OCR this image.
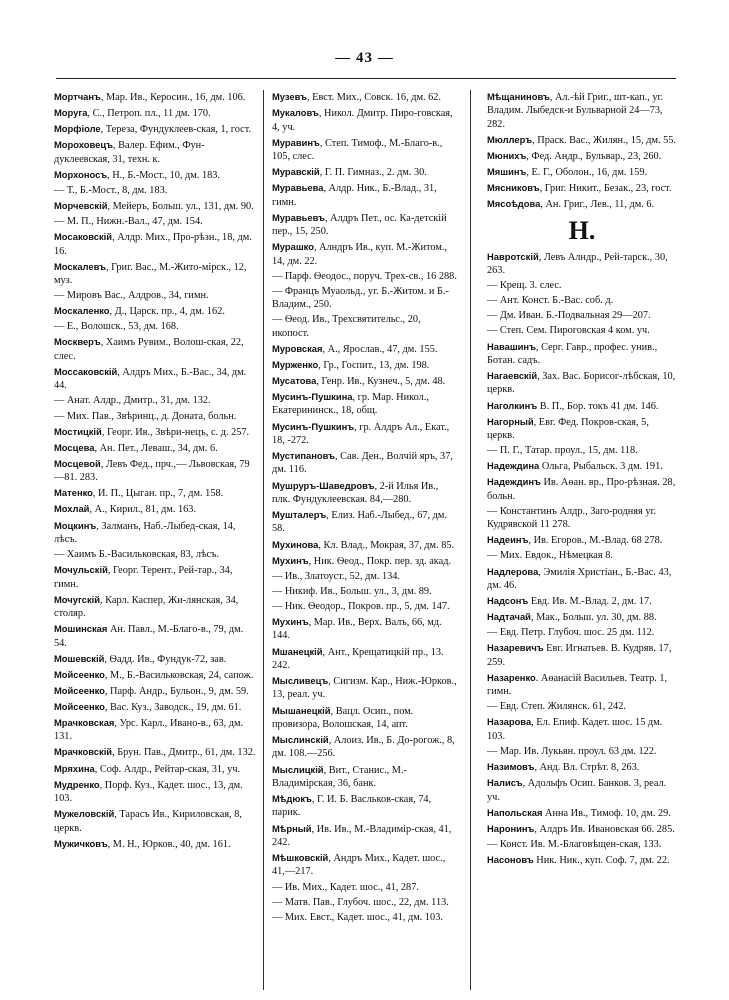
— 43 —
Мортчанъ, Мар. Ив., Керосин., 16, дм. 106.
Моруга, С., Петроп. пл., 11 дм. 170.
Морфіоле, Тереза, Фундуклеев-ская, 1, гост.
Мороховецъ, Валер. Ефим., Фун-дуклеевская, 31, техн. к.
Морхоносъ, Н., Б.-Мост., 10, дм. 183.
— Т., Б.-Мост., 8, дм. 183.
Морчевскій, Мейеръ, Больш. ул., 131, дм. 90.
— М. П., Нижн.-Вал., 47, дм. 154.
Мосаковскій, Алдр. Мих., Про-рѣзн., 18, дм. 16.
Москалевъ, Григ. Вас., М.-Жито-мірск., 12, муз.
— Мировъ Вас., Алдров., 34, гимн.
Москаленко, Д., Царск. пр., 4, дм. 162.
— Е., Волошск., 53, дм. 168.
Москверъ, Хаимъ Рувим., Волош-ская, 22, слес.
Моссаковскій, Алдръ Мих., Б.-Вас., 34, дм. 44.
— Анат. Алдр., Дмитр., 31, дм. 132.
— Мих. Пав., Звѣринц., д. Доната, больн.
Мостицкій, Георг. Ив., Звѣри-нецъ, с. д. 257.
Мосцева, Ан. Пет., Леваш., 34, дм. 6.
Мосцевой, Левъ Фед., прч.,— Львовская, 79—81. 283.
Матенко, И. П., Цыган. пр., 7, дм. 158.
Мохлай, А., Кирил., 81, дм. 163.
Моцкинъ, Залманъ, Наб.-Лыбед-ская, 14, лѣсъ.
— Хаимъ Б.-Васильковская, 83, лѣсъ.
Мочульскій, Георг. Терент., Рей-тар., 34, гимн.
Мочугскій, Карл. Каспер, Жи-лянская, 34, столяр.
Мошинская Ан. Павл., М.-Благо-в., 79, дм. 54.
Мошевскій, Ѳадд. Ив., Фундук-72, зав.
Мойсеенко, М., Б.-Васильковская, 24, сапож.
Мойсеенко, Парф. Андр., Бульон., 9, дм. 59.
Мойсеенко, Вас. Куз., Заводск., 19, дм. 61.
Мрачковская, Урс. Карл., Ивано-в., 63, дм. 131.
Мрачковскій, Брун. Пав., Дмитр., 61, дм. 132.
Мряхина, Соф. Алдр., Рейтар-ская, 31, уч.
Мудренко, Порф. Куз., Кадет. шос., 13, дм. 103.
Мужеловскій, Тарасъ Ив., Кириловская, 8, церкв.
Мужичковъ, М. Н., Юрков., 40, дм. 161.
Музевъ, Евст. Мих., Совск. 16, дм. 62.
Мукаловъ, Никол. Дмитр. Пиро-говская, 4, уч.
Муравинъ, Степ. Тимоф., М.-Благо-в., 105, слес.
Муравскій, Г. П. Гимназ., 2. дм. 30.
Муравьева, Алдр. Ник., Б.-Влад., 31, гимн.
Муравьевъ, Алдръ Пет., ос. Ка-детскій пер., 15, 250.
Мурашко, Алндръ Ив., куп. М.-Житом., 14, дм. 22.
— Парф. Ѳеодос., поруч. Трех-св., 16 288.
— Францъ Муаольд., уг. Б.-Житом. и Б.-Владим., 250.
— Ѳеод. Ив., Трехсвятительс., 20, икопост.
Муровская, А., Ярослав., 47, дм. 155.
Мурженко, Гр., Госпит., 13, дм. 198.
Мусатова, Генр. Ив., Кузнеч., 5, дм. 48.
Мусинъ-Пушкина, гр. Мар. Никол., Екатерининск., 18, общ.
Мусинъ-Пушкинъ, гр. Алдръ Ал., Екат., 18, -272.
Мустипановъ, Сав. Ден., Волчій яръ, 37, дм. 116.
Мушруръ-Шаведровъ, 2-й Илья Ив., плк. Фундуклеевская. 84,—280.
Мушталеръ, Елиз. Наб.-Лыбед., 67, дм. 58.
Мухинова, Кл. Влад., Мокрая, 37, дм. 85.
Мухинъ, Ник. Ѳеод., Покр. пер. зд. акад.
— Ив., Златоуст., 52, дм. 134.
— Никиф. Ив., Больш. ул., 3, дм. 89.
— Ник. Ѳеодор., Покров. пр., 5, дм. 147.
Мухинъ, Мар. Ив., Верх. Валъ, 66, мд. 144.
Мшанецкій, Ант., Крещатицкій пр., 13. 242.
Мысливецъ, Сигизм. Кар., Ниж.-Юрков., 13, реал. уч.
Мышанецкій, Вацл. Осип., пом. провизора, Волошская, 14, апт.
Мыслинскій, Алоиз. Ив., Б. До-рогож., 8, дм. 108.—256.
Мыслицкій, Вит., Станис., М.-Владимірская, 36, банк.
Мѣдюкъ, Г. И. Б. Васльков-ская, 74, парик.
Мѣрный, Ив. Ив., М.-Владимір-ская, 41, 242.
Мѣшковскій, Андръ Мих., Кадет. шос., 41,—217.
— Ив. Мих., Кадет. шос., 41, 287.
— Матв. Пав., Глубоч. шос., 22, дм. 113.
— Мих. Евст., Кадет. шос., 41, дм. 103.
Мѣщаниновъ, Ал.-ѣй Григ., шт-кап., уг. Владим. Лыбедск-и Бульварной 24—73, 282.
Мюллеръ, Праск. Вас., Жилян., 15, дм. 55.
Мюнихъ, Фед. Андр., Бульвар., 23, 260.
Мяшинъ, Е. Г., Оболон., 16, дм. 159.
Мясниковъ, Григ. Никит., Безак., 23, гост.
Мясоѣдова, Ан. Григ., Лев., 11, дм. 6.
Н.
Навротскій, Левъ Алндр., Рей-тарск., 30, 263.
— Крещ. 3. слес.
— Ант. Конст. Б.-Вас. соб. д.
— Дм. Иван. Б.-Подвальная 29—207.
— Степ. Сем. Пироговская 4 ком. уч.
Навашинъ, Серг. Гавр., профес. унив., Ботан. садъ.
Нагаевскій, Зах. Вас. Борисог-лѣбская, 10, церкв.
Наголкинъ В. П., Бор. токъ 41 дм. 146.
Нагорный, Евг. Фед. Покров-ская, 5, церкв.
— П. Г., Татар. проул., 15, дм. 118.
Надеждина Ольга, Рыбальск. 3 дм. 191.
Надеждинъ Ив. Аѳан. вр., Про-рѣзная. 28, больн.
— Константинъ Алдр., Заго-родняя уг. Кудрявской 11 278.
Надеинъ, Ив. Егоров., М.-Влад. 68 278.
— Мих. Евдок., Нѣмецкая 8.
Надлерова, Эмилія Христіан., Б.-Вас. 43, дм. 46.
Надсонъ Евд. Ив. М.-Влад. 2, дм. 17.
Надтачай, Мак., Больш. ул. 30, дм. 88.
— Евд. Петр. Глубоч. шос. 25 дм. 112.
Назаревичъ Евг. Игнатьев. В. Кудряв. 17, 259.
Назаренко. Аѳанасій Васильев. Театр. 1, гимн.
— Евд. Степ. Жилянск. 61, 242.
Назарова, Ел. Епиф. Кадет. шос. 15 дм. 103.
— Мар. Ив. Лукьян. проул. 63 дм. 122.
Назимовъ, Анд. Вл. Стрѣт. 8, 263.
Налисъ, Адольфъ Осип. Банков. 3, реал. уч.
Напольская Анна Ив., Тимоф. 10, дм. 29.
Наронинъ, Алдръ Ив. Ивановская 66. 285.
— Конст. Ив. М.-Благовѣщен-ская, 133.
Насоновъ Ник. Ник., куп. Соф. 7, дм. 22.
